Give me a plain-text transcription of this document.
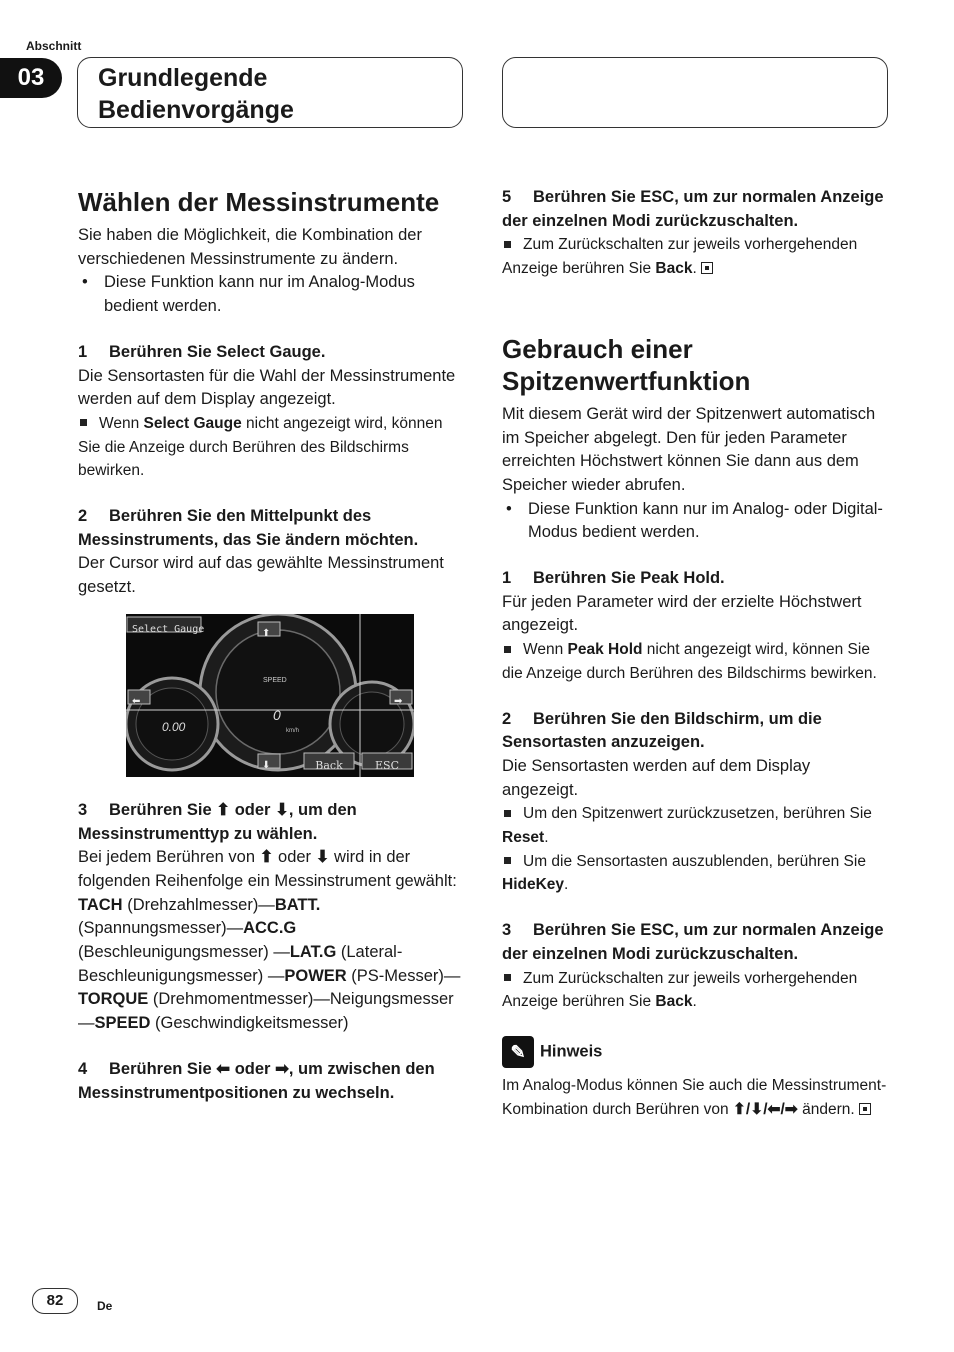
Abschnitt
03	Grundlegende
Bedienvorgänge
Wählen der Messinstrumente

Sie haben die Möglichkeit, die Kombination der verschiedenen Messinstrumente zu ändern.

• Diese Funktion kann nur im Analog-Modus bedient werden.

1 Berühren Sie Select Gauge.

Die Sensortasten für die Wahl der Messinstrumente werden auf dem Display angezeigt.

Wenn Select Gauge nicht angezeigt wird, können Sie die Anzeige durch Berühren des Bildschirms bewirken.

2 Berühren Sie den Mittelpunkt des Messinstruments, das Sie ändern möchten.

Der Cursor wird auf das gewählte Messinstrument gesetzt.

Select Gauge
SPEED
0
km/h
0.00
⬆
⬇
⬅	➡
Back	ESC

3 Berühren Sie ⬆ oder ⬇, um den Messinstrumenttyp zu wählen.

Bei jedem Berühren von ⬆ oder ⬇ wird in der folgenden Reihenfolge ein Messinstrument gewählt:

TACH (Drehzahlmesser)—BATT. (Spannungsmesser)—ACC.G (Beschleunigungsmesser) —LAT.G (Lateral-Beschleunigungsmesser) —POWER (PS-Messer)—TORQUE (Drehmomentmesser)—Neigungsmesser—SPEED (Geschwindigkeitsmesser)

4 Berühren Sie ⬅ oder ➡, um zwischen den Messinstrumentpositionen zu wechseln.

5 Berühren Sie ESC, um zur normalen Anzeige der einzelnen Modi zurückzuschalten.

Zum Zurückschalten zur jeweils vorhergehenden Anzeige berühren Sie Back.

Gebrauch einer Spitzenwertfunktion

Mit diesem Gerät wird der Spitzenwert automatisch im Speicher abgelegt. Den für jeden Parameter erreichten Höchstwert können Sie dann aus dem Speicher wieder abrufen.

• Diese Funktion kann nur im Analog- oder Digital-Modus bedient werden.

1 Berühren Sie Peak Hold.

Für jeden Parameter wird der erzielte Höchstwert angezeigt.

Wenn Peak Hold nicht angezeigt wird, können Sie die Anzeige durch Berühren des Bildschirms bewirken.

2 Berühren Sie den Bildschirm, um die Sensortasten anzuzeigen.

Die Sensortasten werden auf dem Display angezeigt.

Um den Spitzenwert zurückzusetzen, berühren Sie Reset.

Um die Sensortasten auszublenden, berühren Sie HideKey.

3 Berühren Sie ESC, um zur normalen Anzeige der einzelnen Modi zurückzuschalten.

Zum Zurückschalten zur jeweils vorhergehenden Anzeige berühren Sie Back.

✎ Hinweis

Im Analog-Modus können Sie auch die Messinstrument-Kombination durch Berühren von ⬆/⬇/⬅/➡ ändern.

82	De
